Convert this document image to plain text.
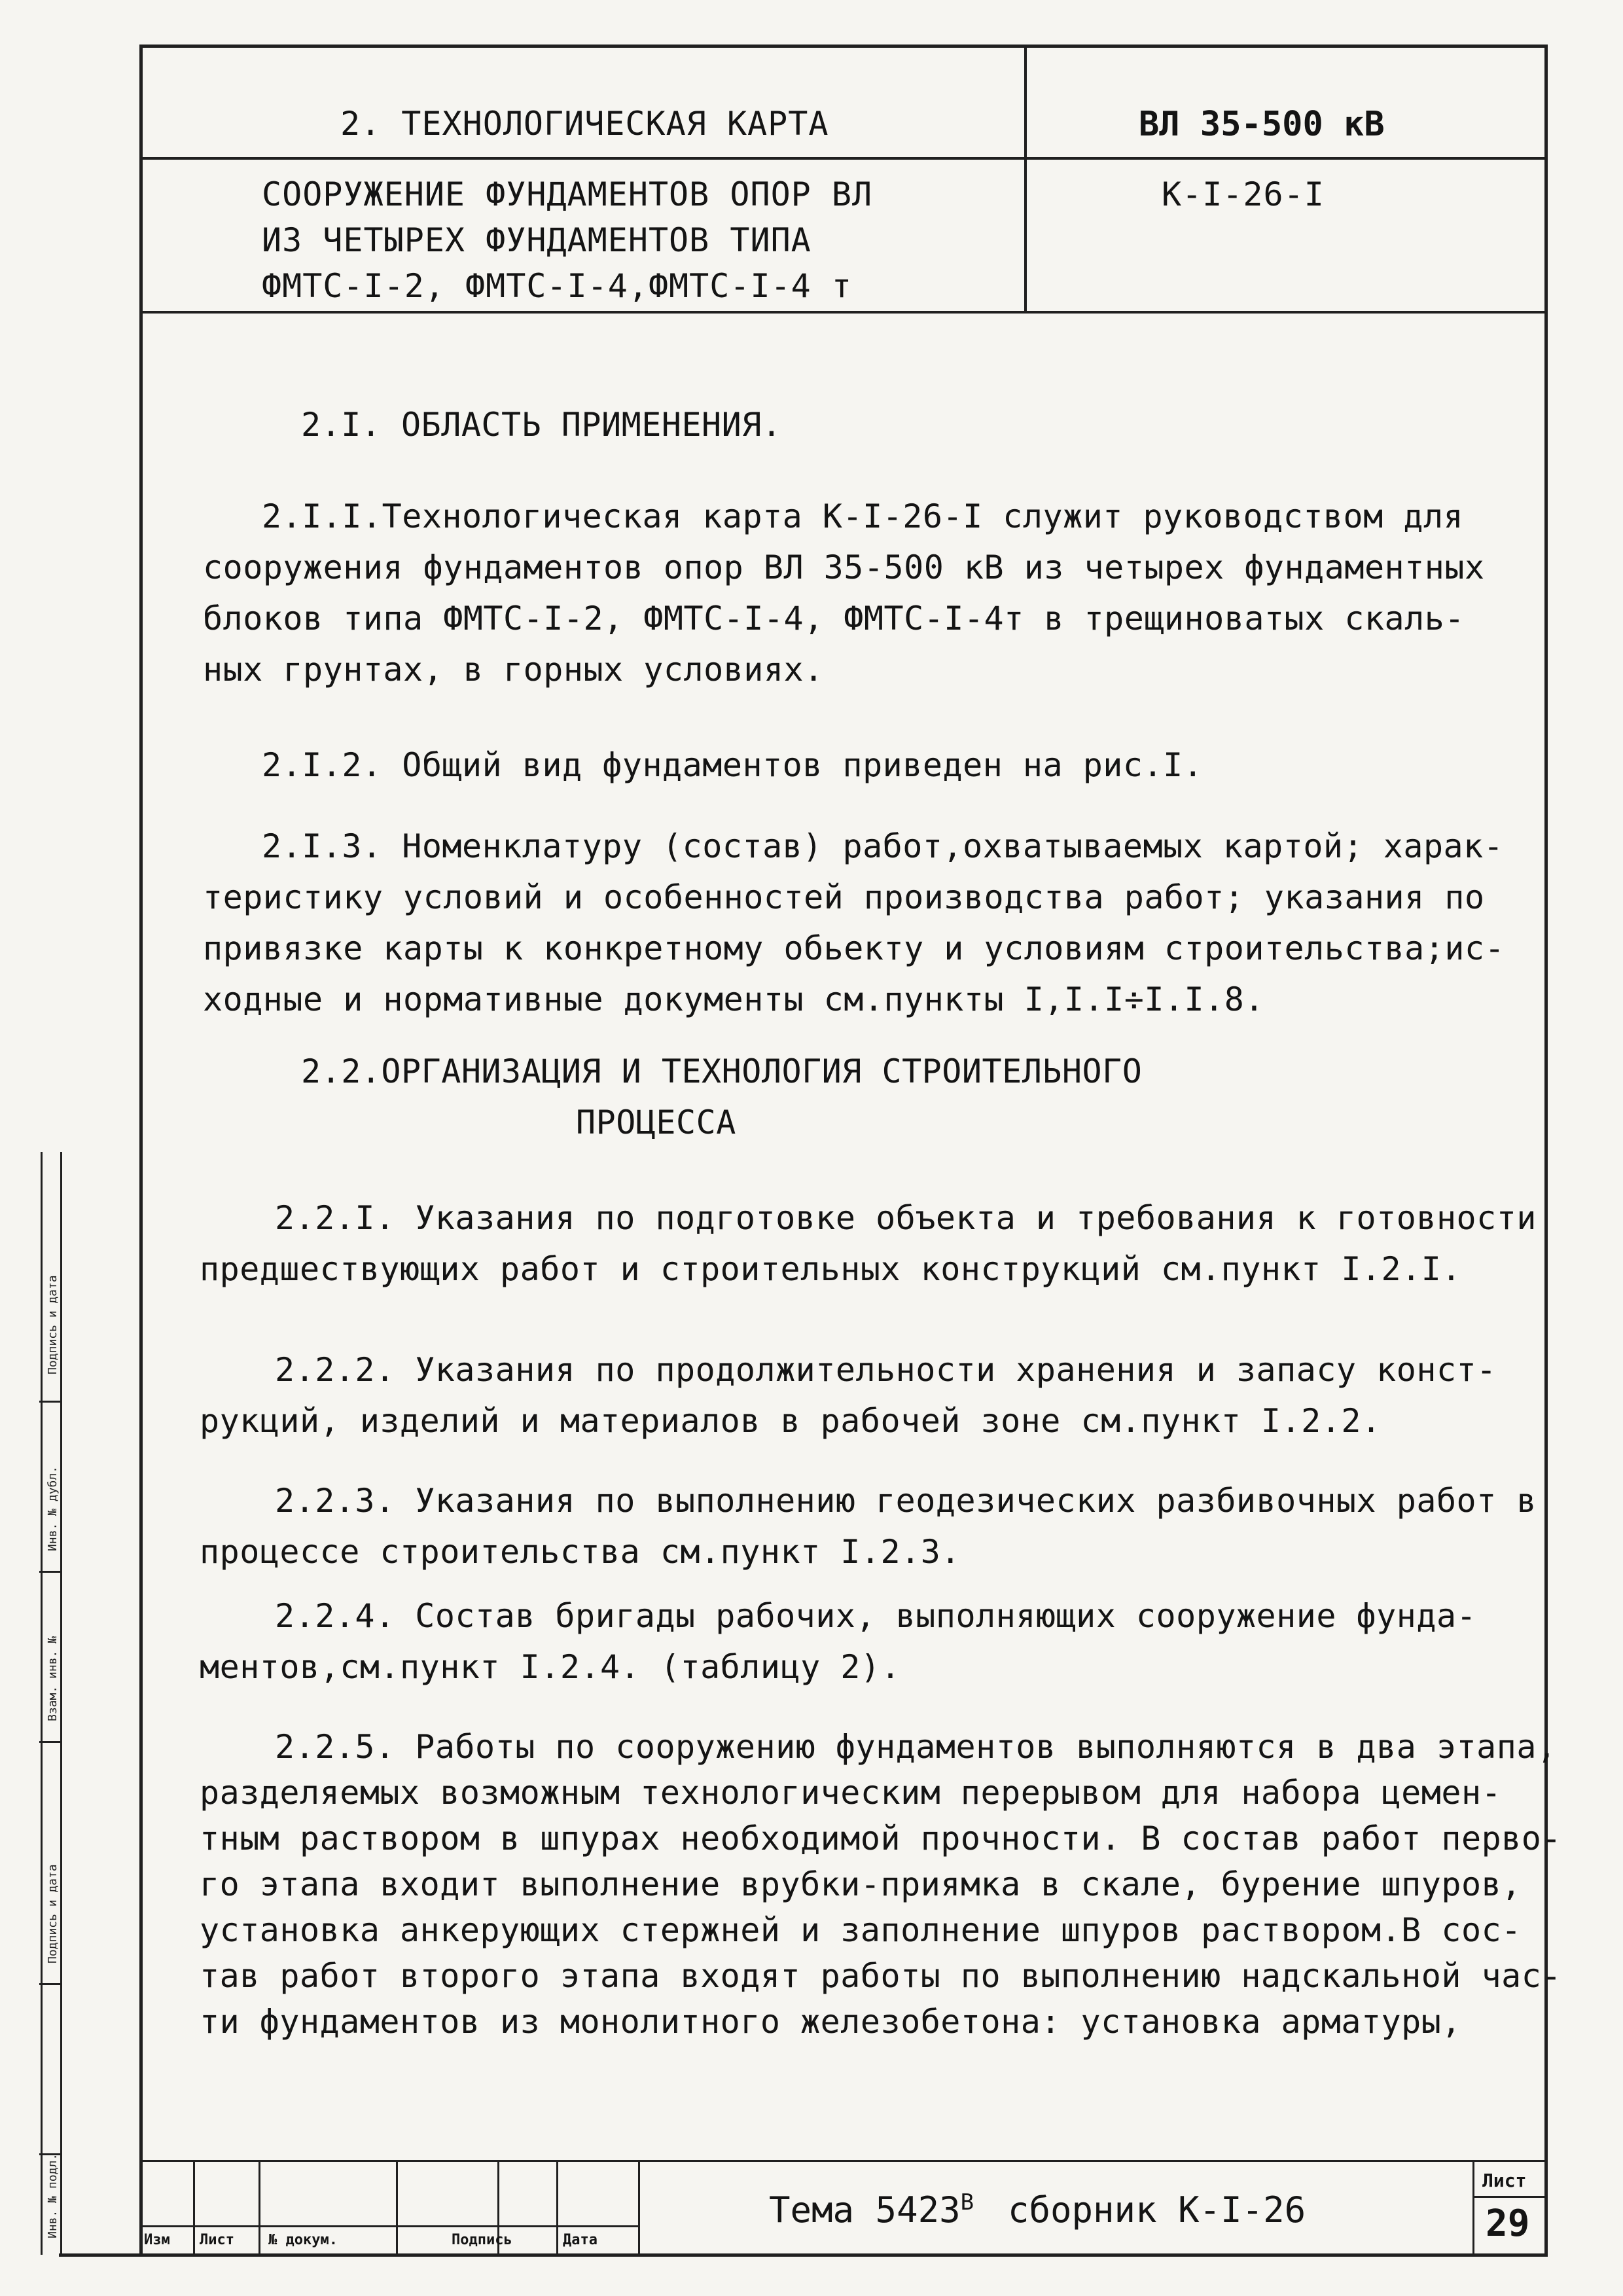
2. ТЕХНОЛОГИЧЕСКАЯ КАРТА	ВЛ 35-500 кВ
СООРУЖЕНИЕ ФУНДАМЕНТОВ ОПОР ВЛ
ИЗ ЧЕТЫРЕХ ФУНДАМЕНТОВ ТИПА
ФМТС-I-2, ФМТС-I-4,ФМТС-I-4 т
К-I-26-I

2.I. ОБЛАСТЬ ПРИМЕНЕНИЯ.

2.I.I.Технологическая карта К-I-26-I служит руководством для

сооружения фундаментов опор ВЛ 35-500 кВ из четырех фундаментных

блоков типа ФМТС-I-2, ФМТС-I-4, ФМТС-I-4т в трещиноватых скаль-

ных грунтах, в горных условиях.

2.I.2. Общий вид фундаментов приведен на рис.I.

2.I.3. Номенклатуру (состав) работ,охватываемых картой; харак-

теристику условий и особенностей производства работ; указания по

привязке карты к конкретному обьекту и условиям строительства;ис-

ходные и нормативные документы см.пункты I,I.I÷I.I.8.

2.2.ОРГАНИЗАЦИЯ И ТЕХНОЛОГИЯ СТРОИТЕЛЬНОГО

ПРОЦЕССА

2.2.I. Указания по подготовке объекта и требования к готовности

предшествующих работ и строительных конструкций см.пункт I.2.I.

2.2.2. Указания по продолжительности хранения и запасу конст-

рукций, изделий и материалов в рабочей зоне см.пункт I.2.2.

2.2.3. Указания по выполнению геодезических разбивочных работ в

процессе строительства см.пункт I.2.3.

2.2.4. Состав бригады рабочих, выполняющих сооружение фунда-

ментов,см.пункт I.2.4. (таблицу 2).

2.2.5. Работы по сооружению фундаментов выполняются в два этапа,

разделяемых возможным технологическим перерывом для набора цемен-

тным раствором в шпурах необходимой прочности. В состав работ перво-

го этапа входит выполнение врубки-приямка в скале, бурение шпуров,

установка анкерующих стержней и заполнение шпуров раствором.В сос-

тав работ второго этапа входят работы по выполнению надскальной час-

ти фундаментов из монолитного железобетона: установка арматуры,

Подпись и дата
Инв. № дубл.
Взам. инв. №
Подпись и дата
Инв. № подл.
Изм Лист № докум.	Подпись	Дата
Тема $5423^В$ сборник К-I-26
Лист
29
